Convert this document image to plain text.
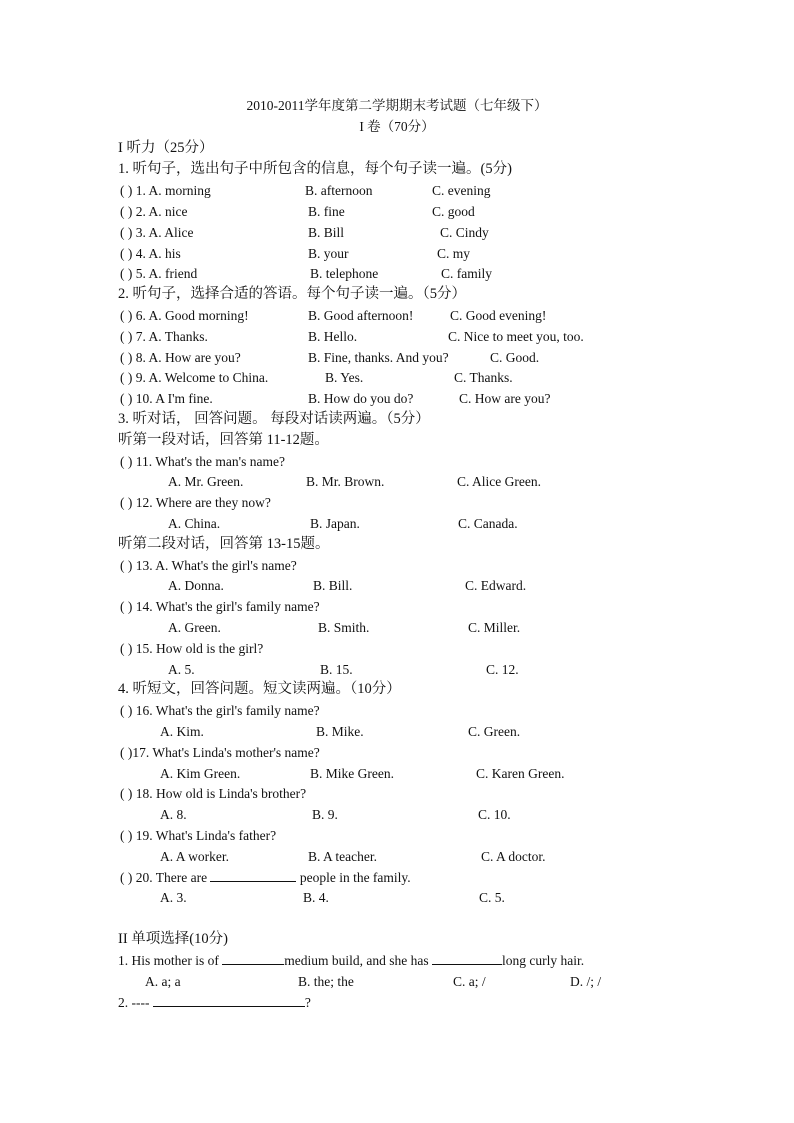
2010-2011学年度第二学期期末考试题（七年级下）
I 卷（70分）
I 听力（25分）
1. 听句子，选出句子中所包含的信息，每个句子读一遍。(5分)
( ) 1. A. morning	B. afternoon	C. evening
( ) 2. A. nice	B. fine	C. good
( ) 3. A. Alice	B. Bill	C. Cindy
( ) 4. A. his	B. your	C. my
( ) 5. A. friend	B. telephone	C. family
2. 听句子，选择合适的答语。每个句子读一遍。（5分）
( ) 6. A. Good morning!	B. Good afternoon!	C. Good evening!
( ) 7. A. Thanks.	B. Hello.	C. Nice to meet you, too.
( ) 8. A. How are you?	B. Fine, thanks. And you?	C. Good.
( ) 9. A. Welcome to China.	B. Yes.	C. Thanks.
( ) 10. A I'm fine.	B. How do you do?	C. How are you?
3. 听对话， 回答问题。 每段对话读两遍。（5分）
听第一段对话，回答第 11-12题。
( ) 11. What's the man's name?
A. Mr. Green.	B. Mr. Brown.	C. Alice Green.
( ) 12. Where are they now?
A. China.	B. Japan.	C. Canada.
听第二段对话，回答第 13-15题。
( ) 13. A. What's the girl's name?
A. Donna.	B. Bill.	C. Edward.
( ) 14. What's the girl's family name?
A. Green.	B. Smith.	C. Miller.
( ) 15. How old is the girl?
A. 5.	B. 15.	C. 12.
4. 听短文，回答问题。短文读两遍。（10分）
( ) 16. What's the girl's family name?
A. Kim.	B. Mike.	C. Green.
( )17. What's Linda's mother's name?
A. Kim Green.	B. Mike Green.	C. Karen Green.
( ) 18. How old is Linda's brother?
A. 8.	B. 9.	C. 10.
( ) 19. What's Linda's father?
A. A worker.	B. A teacher.	C. A doctor.
( ) 20. There are	people in the family.
A. 3.	B. 4.	C. 5.
II 单项选择(10分)
1. His mother is of	medium build, and she has	long curly hair.
A. a; a	B. the; the	C. a; /	D. /; /
2. ----	?
